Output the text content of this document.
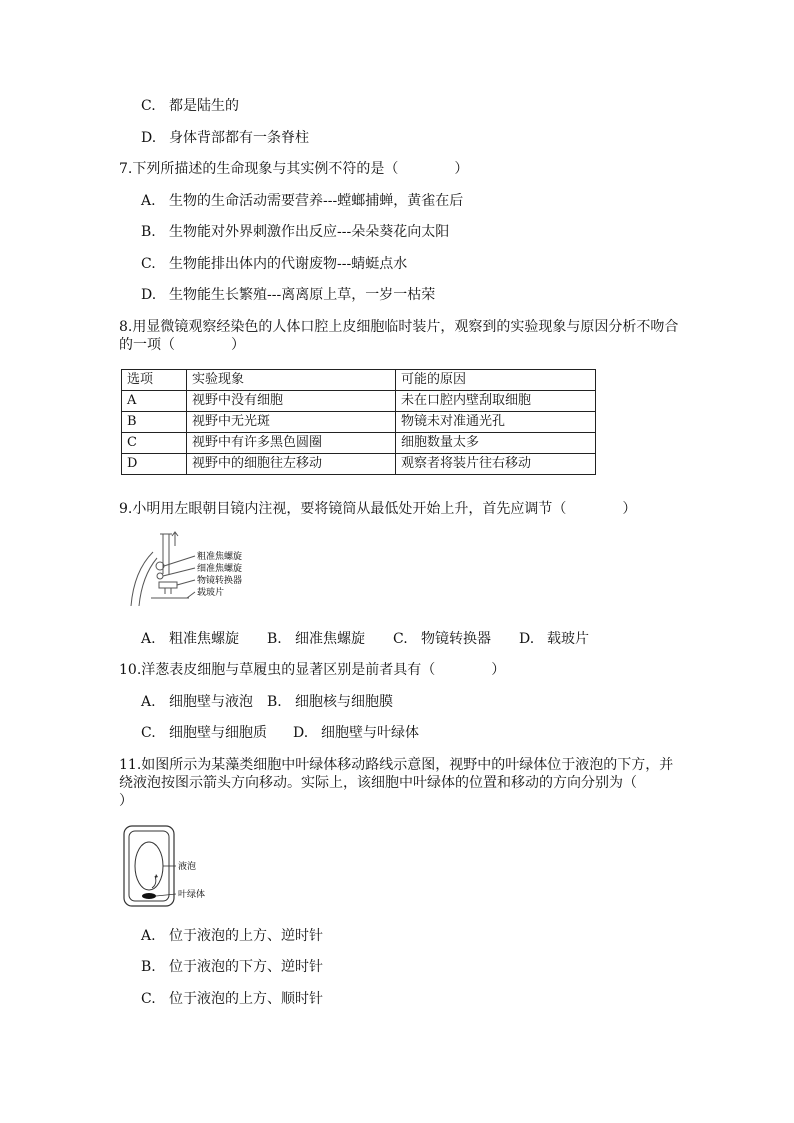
C. 都是陆生的
D. 身体背部都有一条脊柱
7.下列所描述的生命现象与其实例不符的是（　　　　）
A. 生物的生命活动需要营养---螳螂捕蝉，黄雀在后
B. 生物能对外界刺激作出反应---朵朵葵花向太阳
C. 生物能排出体内的代谢废物---蜻蜓点水
D. 生物能生长繁殖---离离原上草，一岁一枯荣
8.用显微镜观察经染色的人体口腔上皮细胞临时装片，观察到的实验现象与原因分析不吻合
的一项（　　　　）
选项	实验现象	可能的原因
A	视野中没有细胞	未在口腔内壁刮取细胞
B	视野中无光斑	物镜未对准通光孔
C	视野中有许多黑色圆圈	细胞数量太多
D	视野中的细胞往左移动	观察者将装片往右移动
9.小明用左眼朝目镜内注视，要将镜筒从最低处开始上升，首先应调节（　　　　）
粗准焦螺旋
细准焦螺旋
物镜转换器
载玻片
A. 粗准焦螺旋 B. 细准焦螺旋 C. 物镜转换器 D. 载玻片
10.洋葱表皮细胞与草履虫的显著区别是前者具有（　　　　）
A. 细胞壁与液泡 B. 细胞核与细胞膜
C. 细胞壁与细胞质 D. 细胞壁与叶绿体
11.如图所示为某藻类细胞中叶绿体移动路线示意图，视野中的叶绿体位于液泡的下方，并
绕液泡按图示箭头方向移动。实际上，该细胞中叶绿体的位置和移动的方向分别为（
）
液泡
叶绿体
A. 位于液泡的上方、逆时针
B. 位于液泡的下方、逆时针
C. 位于液泡的上方、顺时针
